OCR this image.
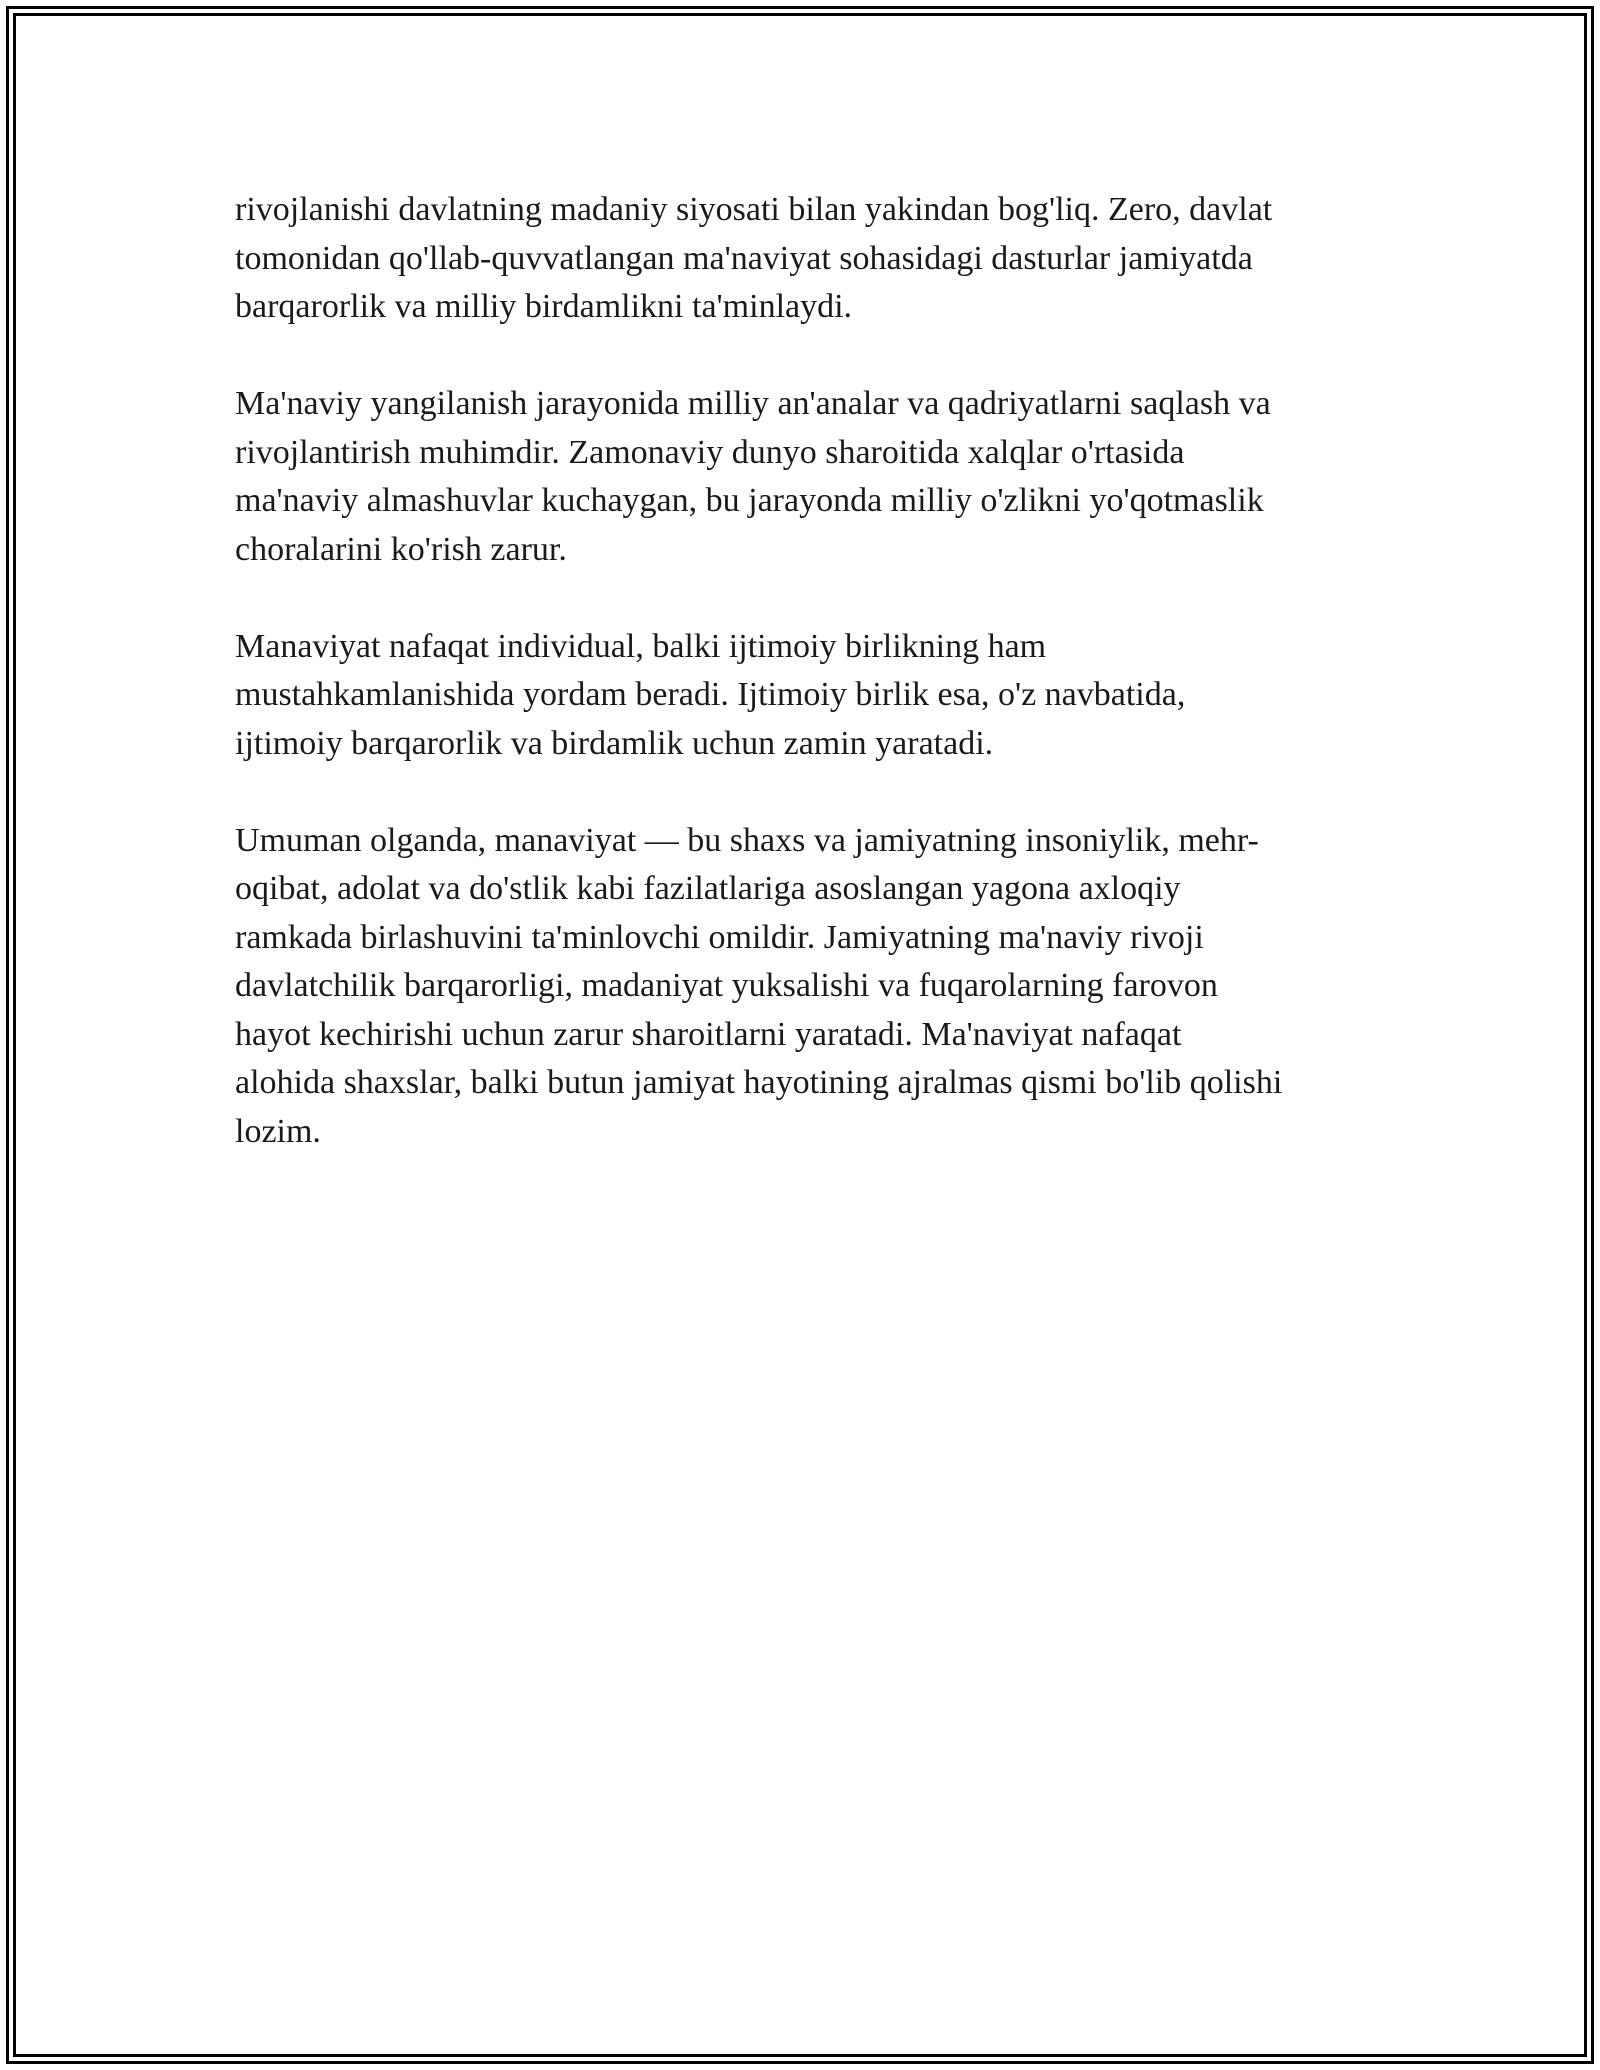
rivojlanishi davlatning madaniy siyosati bilan yakindan bog'liq. Zero, davlat
tomonidan qo'llab-quvvatlangan ma'naviyat sohasidagi dasturlar jamiyatda
barqarorlik va milliy birdamlikni ta'minlaydi.

Ma'naviy yangilanish jarayonida milliy an'analar va qadriyatlarni saqlash va
rivojlantirish muhimdir. Zamonaviy dunyo sharoitida xalqlar o'rtasida
ma'naviy almashuvlar kuchaygan, bu jarayonda milliy o'zlikni yo'qotmaslik
choralarini ko'rish zarur.

Manaviyat nafaqat individual, balki ijtimoiy birlikning ham
mustahkamlanishida yordam beradi. Ijtimoiy birlik esa, o'z navbatida,
ijtimoiy barqarorlik va birdamlik uchun zamin yaratadi.

Umuman olganda, manaviyat — bu shaxs va jamiyatning insoniylik, mehr-
oqibat, adolat va do'stlik kabi fazilatlariga asoslangan yagona axloqiy
ramkada birlashuvini ta'minlovchi omildir. Jamiyatning ma'naviy rivoji
davlatchilik barqarorligi, madaniyat yuksalishi va fuqarolarning farovon
hayot kechirishi uchun zarur sharoitlarni yaratadi. Ma'naviyat nafaqat
alohida shaxslar, balki butun jamiyat hayotining ajralmas qismi bo'lib qolishi
lozim.
